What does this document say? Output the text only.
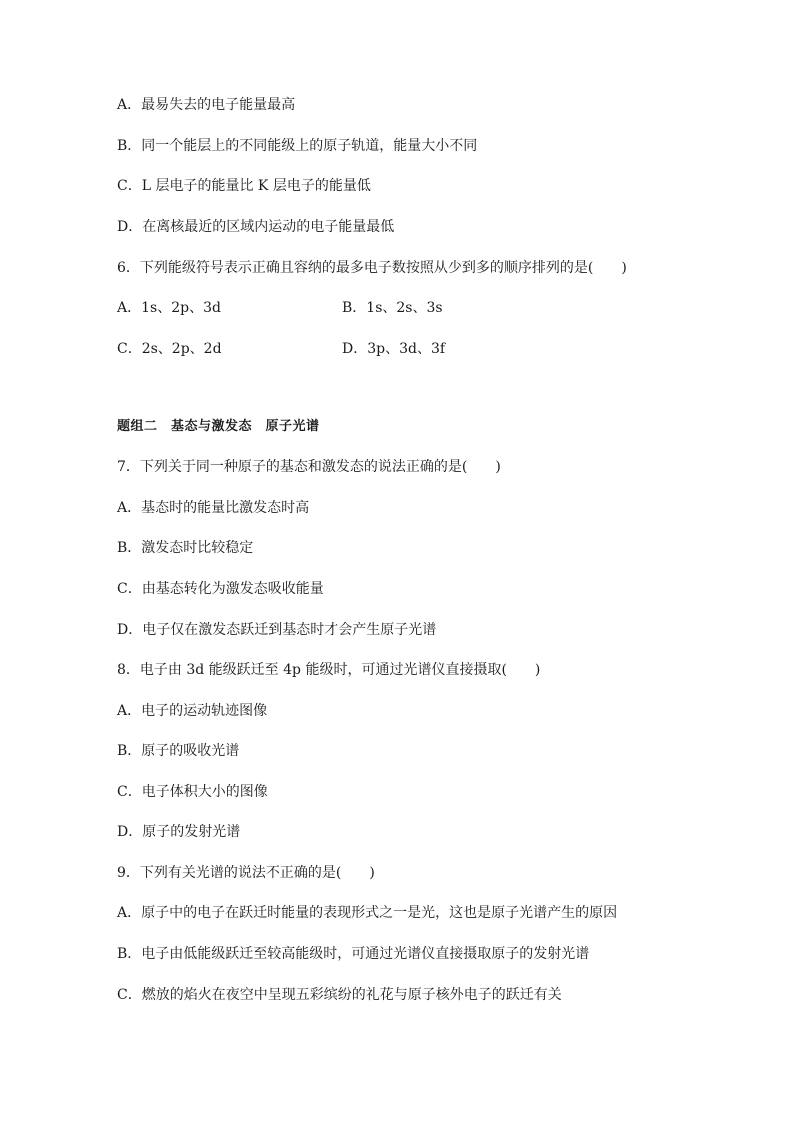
A．最易失去的电子能量最高
B．同一个能层上的不同能级上的原子轨道，能量大小不同
C．L 层电子的能量比 K 层电子的能量低
D．在离核最近的区域内运动的电子能量最低
6．下列能级符号表示正确且容纳的最多电子数按照从少到多的顺序排列的是(　　)
A．1s、2p、3d	B．1s、2s、3s
C．2s、2p、2d	D．3p、3d、3f
题组二　基态与激发态　原子光谱
7．下列关于同一种原子的基态和激发态的说法正确的是(　　)
A．基态时的能量比激发态时高
B．激发态时比较稳定
C．由基态转化为激发态吸收能量
D．电子仅在激发态跃迁到基态时才会产生原子光谱
8．电子由 3d 能级跃迁至 4p 能级时，可通过光谱仪直接摄取(　　)
A．电子的运动轨迹图像
B．原子的吸收光谱
C．电子体积大小的图像
D．原子的发射光谱
9．下列有关光谱的说法不正确的是(　　)
A．原子中的电子在跃迁时能量的表现形式之一是光，这也是原子光谱产生的原因
B．电子由低能级跃迁至较高能级时，可通过光谱仪直接摄取原子的发射光谱
C．燃放的焰火在夜空中呈现五彩缤纷的礼花与原子核外电子的跃迁有关
